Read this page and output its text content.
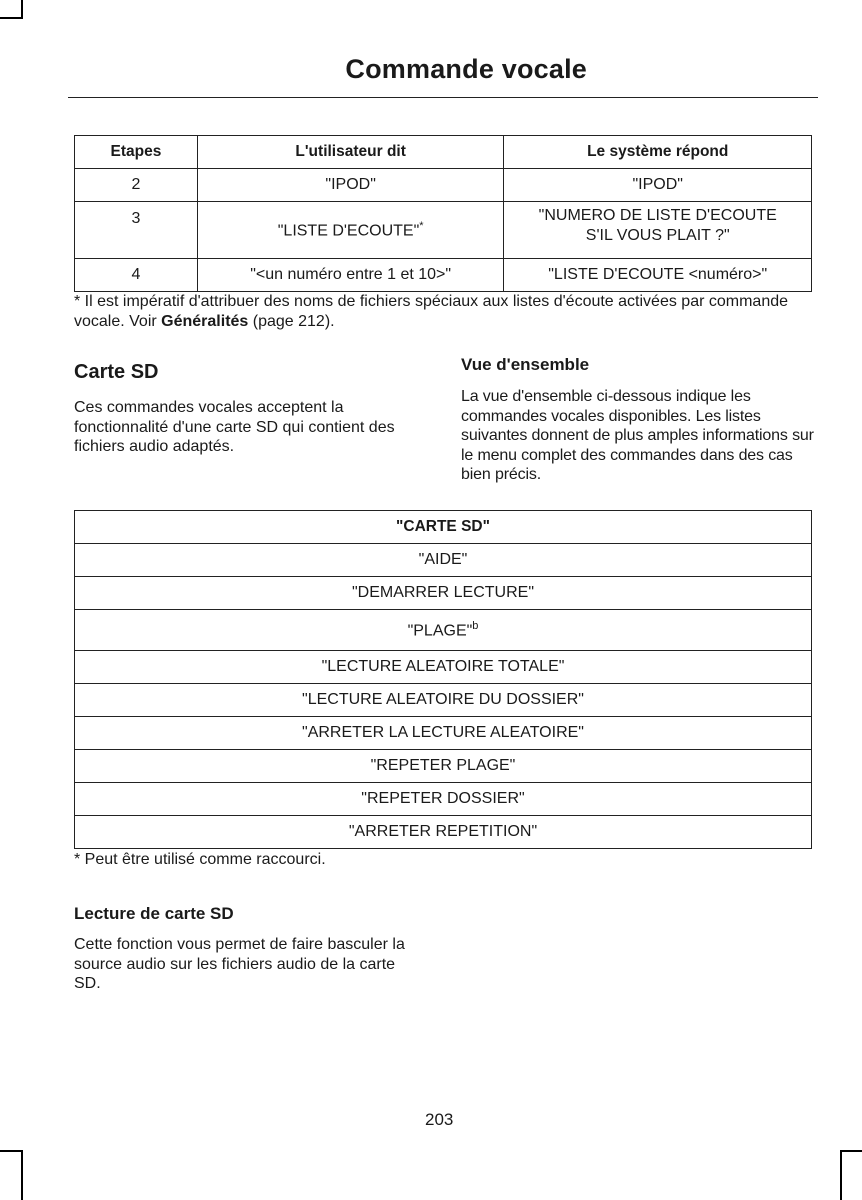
Commande vocale
Etapes	L'utilisateur dit	Le système répond
2	"IPOD"	"IPOD"
3	"LISTE D'ECOUTE"*	"NUMERO DE LISTE D'ECOUTE
S'IL VOUS PLAIT ?"

4	"<un numéro entre 1 et 10>"	"LISTE D'ECOUTE <numéro>"
* Il est impératif d'attribuer des noms de fichiers spéciaux aux listes d'écoute activées par commande vocale. Voir Généralités (page 212).
Carte SD
Ces commandes vocales acceptent la fonctionnalité d'une carte SD qui contient des fichiers audio adaptés.
Vue d'ensemble
La vue d'ensemble ci-dessous indique les commandes vocales disponibles. Les listes suivantes donnent de plus amples informations sur le menu complet des commandes dans des cas bien précis.
"CARTE SD"
"AIDE"
"DEMARRER LECTURE"
"PLAGE"$^b$
"LECTURE ALEATOIRE TOTALE"
"LECTURE ALEATOIRE DU DOSSIER"
"ARRETER LA LECTURE ALEATOIRE"
"REPETER PLAGE"
"REPETER DOSSIER"
"ARRETER REPETITION"
* Peut être utilisé comme raccourci.
Lecture de carte SD
Cette fonction vous permet de faire basculer la source audio sur les fichiers audio de la carte SD.
203
